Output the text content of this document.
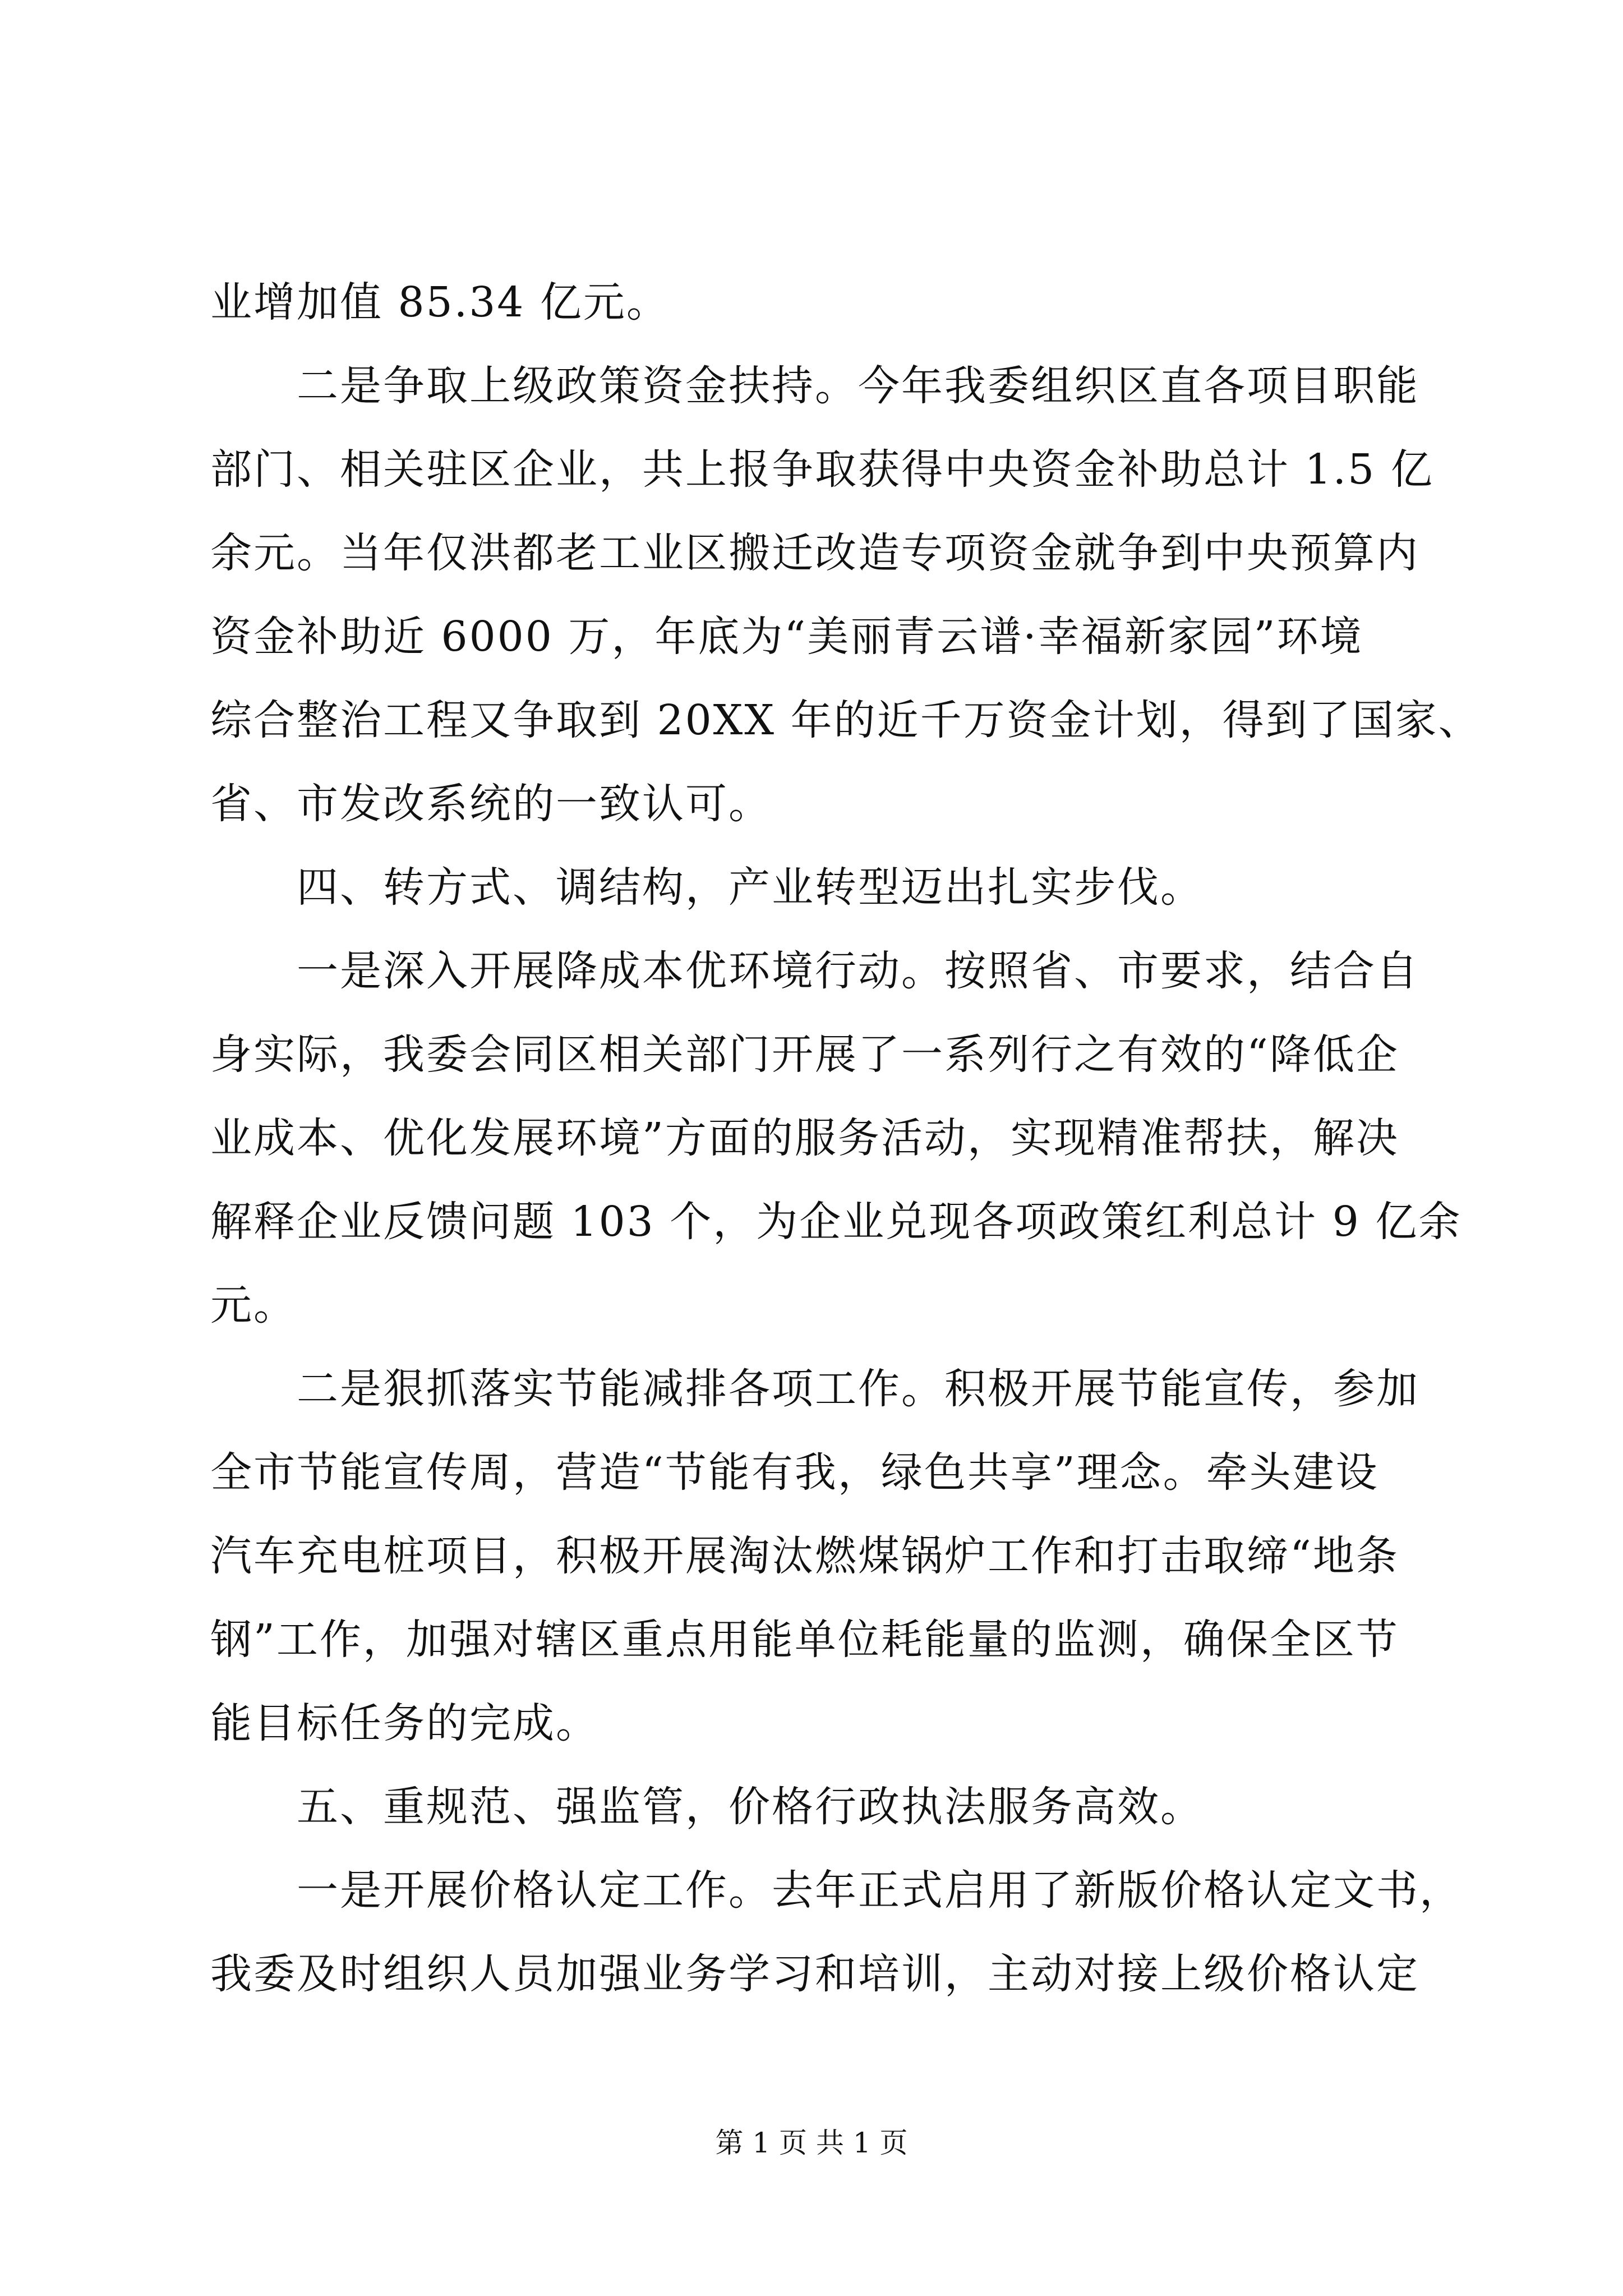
业增加值 85.34 亿元。
　　二是争取上级政策资金扶持。今年我委组织区直各项目职能
部门、相关驻区企业，共上报争取获得中央资金补助总计 1.5 亿
余元。当年仅洪都老工业区搬迁改造专项资金就争到中央预算内
资金补助近 6000 万，年底为“美丽青云谱·幸福新家园”环境
综合整治工程又争取到 20XX 年的近千万资金计划，得到了国家、
省、市发改系统的一致认可。
　　四、转方式、调结构，产业转型迈出扎实步伐。
　　一是深入开展降成本优环境行动。按照省、市要求，结合自
身实际，我委会同区相关部门开展了一系列行之有效的“降低企
业成本、优化发展环境”方面的服务活动，实现精准帮扶，解决
解释企业反馈问题 103 个，为企业兑现各项政策红利总计 9 亿余
元。
　　二是狠抓落实节能减排各项工作。积极开展节能宣传，参加
全市节能宣传周，营造“节能有我，绿色共享”理念。牵头建设
汽车充电桩项目，积极开展淘汰燃煤锅炉工作和打击取缔“地条
钢”工作，加强对辖区重点用能单位耗能量的监测，确保全区节
能目标任务的完成。
　　五、重规范、强监管，价格行政执法服务高效。
　　一是开展价格认定工作。去年正式启用了新版价格认定文书，
我委及时组织人员加强业务学习和培训，主动对接上级价格认定
第 1 页 共 1 页
